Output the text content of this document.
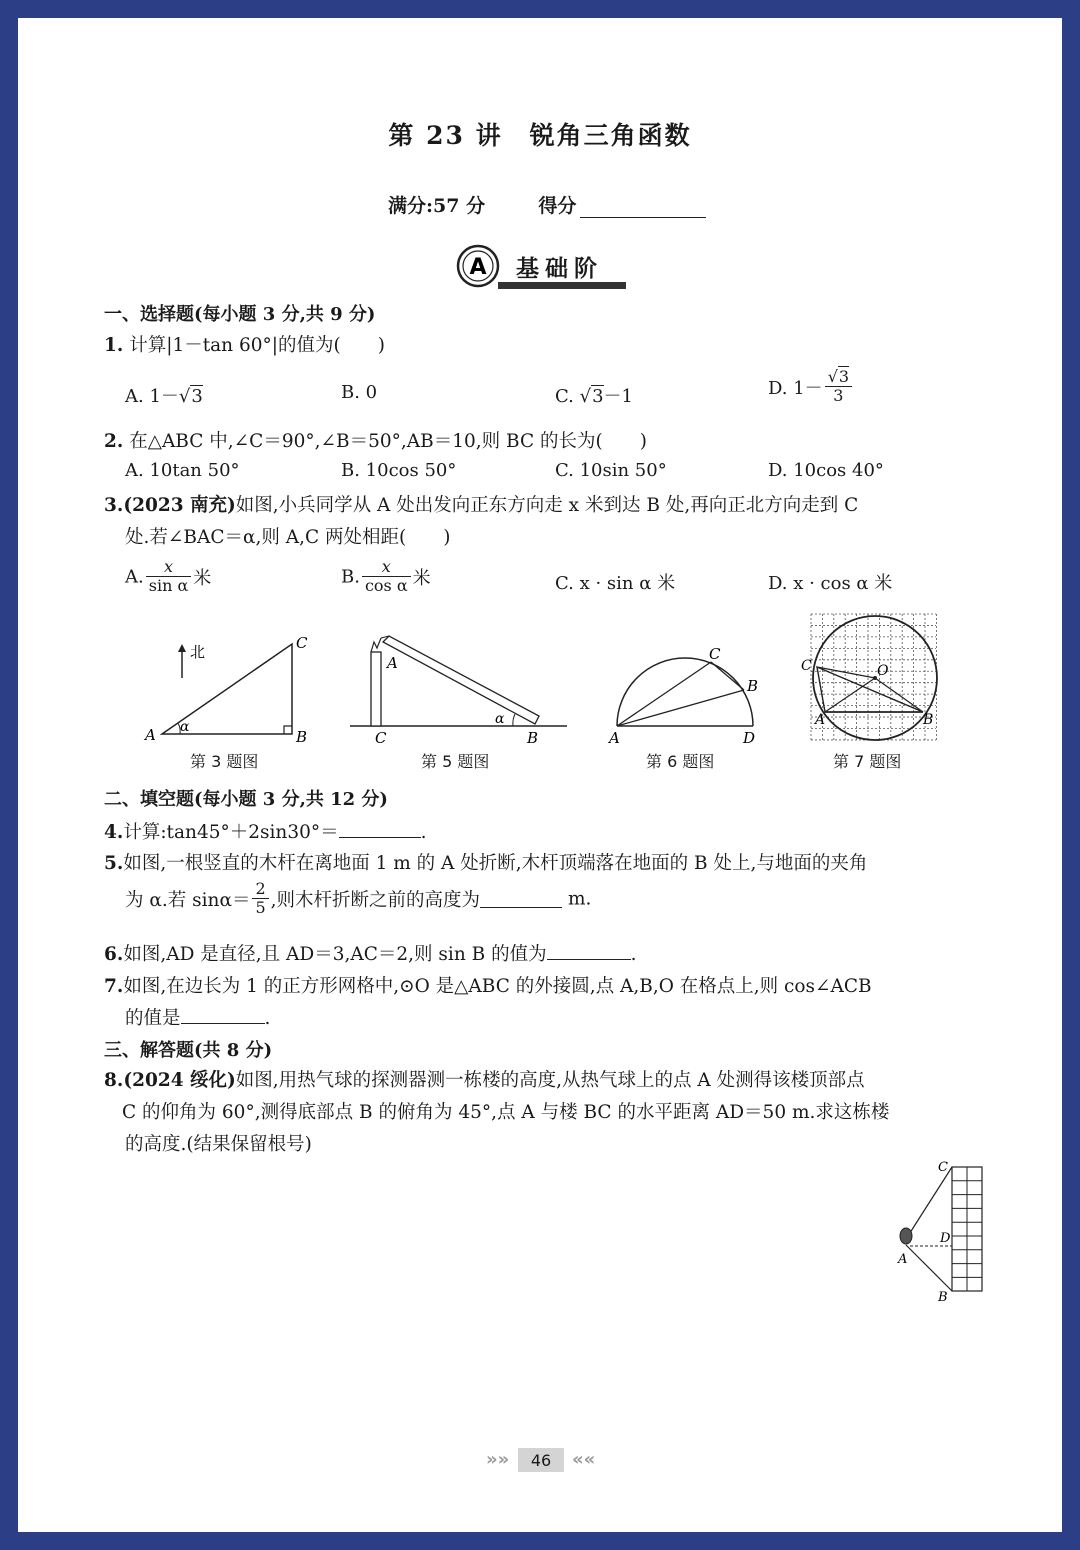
第 23 讲　锐角三角函数
满分:57 分	得分
A 基础阶
一、选择题(每小题 3 分,共 9 分)
1. 计算|1－tan 60°|的值为(　　)
A. 1－√3	B. 0	C. √3－1	D. $1- \frac{√3}{3}$
2. 在△ABC 中,∠C＝90°,∠B＝50°,AB＝10,则 BC 的长为(　　)
A. 10tan 50°	B. 10cos 50°	C. 10sin 50°	D. 10cos 40°
3.(2023 南充)如图,小兵同学从 A 处出发向正东方向走 x 米到达 B 处,再向正北方向走到 C
处.若∠BAC＝α,则 A,C 两处相距(　　)
A. $\frac{x}{\text{sin α}}$ 米	B. $\frac{x}{\text{cos α}}$ 米	C. x · sin α 米	D. x · cos α 米
北
A	B
C
α
第 3 题图
A
B
C
α
第 5 题图
A
B
C
D
第 6 题图
A	B
C	O
第 7 题图
二、填空题(每小题 3 分,共 12 分)
4.计算:tan45°＋2sin30°＝	.
5.如图,一根竖直的木杆在离地面 1 m 的 A 处折断,木杆顶端落在地面的 B 处上,与地面的夹角
为 α.若 $\sin\alpha= \frac{2}{5}$ ,则木杆折断之前的高度为	m.
6.如图,AD 是直径,且 AD＝3,AC＝2,则 sin B 的值为	.
7.如图,在边长为 1 的正方形网格中,⊙O 是△ABC 的外接圆,点 A,B,O 在格点上,则 cos∠ACB
的值是	.
三、解答题(共 8 分)
8.(2024 绥化)如图,用热气球的探测器测一栋楼的高度,从热气球上的点 A 处测得该楼顶部点
C 的仰角为 60°,测得底部点 B 的俯角为 45°,点 A 与楼 BC 的水平距离 AD＝50 m.求这栋楼
的高度.(结果保留根号)
A
B
C
D
»»	46	««
